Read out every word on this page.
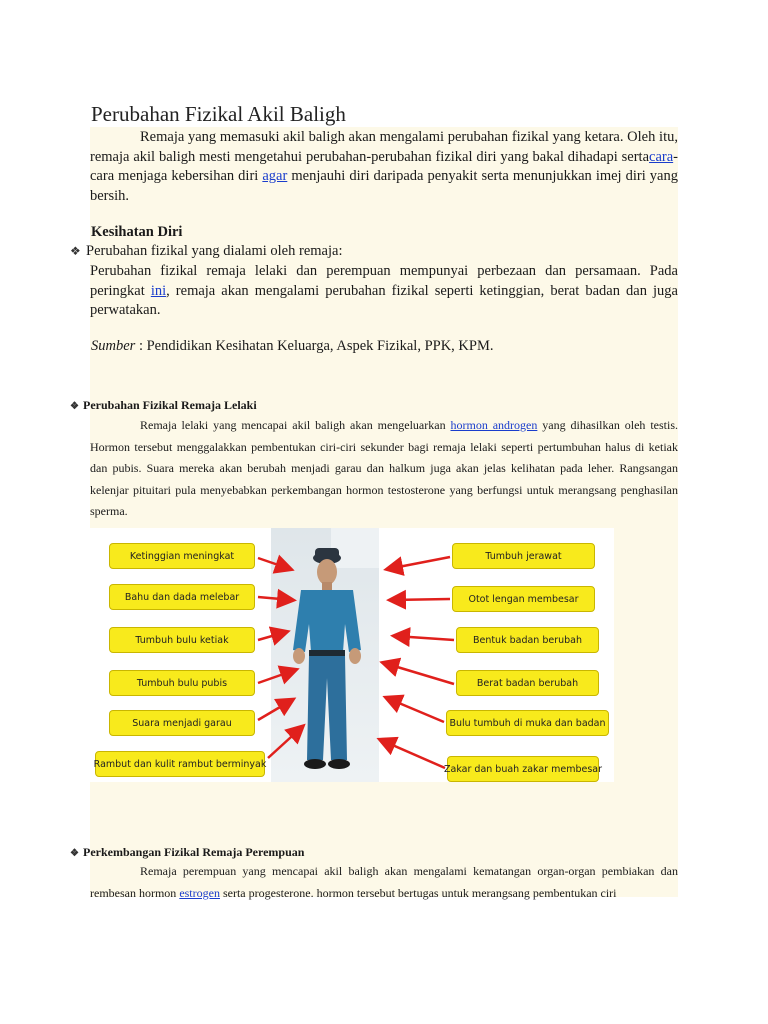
Perubahan Fizikal Akil Baligh
Remaja yang memasuki akil baligh akan mengalami perubahan fizikal yang ketara. Oleh itu, remaja akil baligh mesti mengetahui perubahan-perubahan fizikal diri yang bakal dihadapi sertacara-cara menjaga kebersihan diri agar menjauhi diri daripada penyakit serta menunjukkan imej diri yang bersih.
Kesihatan Diri
❖ Perubahan fizikal yang dialami oleh remaja:
Perubahan fizikal remaja lelaki dan perempuan mempunyai perbezaan dan persamaan. Pada peringkat ini, remaja akan mengalami perubahan fizikal seperti ketinggian, berat badan dan juga perwatakan.
Sumber : Pendidikan Kesihatan Keluarga, Aspek Fizikal, PPK, KPM.
❖ Perubahan Fizikal Remaja Lelaki
Remaja lelaki yang mencapai akil baligh akan mengeluarkan hormon androgen yang dihasilkan oleh testis. Hormon tersebut menggalakkan pembentukan ciri-ciri sekunder bagi remaja lelaki seperti pertumbuhan halus di ketiak dan pubis. Suara mereka akan berubah menjadi garau dan halkum juga akan jelas kelihatan pada leher. Rangsangan kelenjar pituitari pula menyebabkan perkembangan hormon testosterone yang berfungsi untuk merangsang penghasilan sperma.
Ketinggian meningkat
Bahu dan dada melebar
Tumbuh bulu ketiak
Tumbuh bulu pubis
Suara menjadi garau
Rambut dan kulit rambut berminyak
Tumbuh jerawat
Otot lengan membesar
Bentuk badan berubah
Berat badan berubah
Bulu tumbuh di muka dan badan
Zakar dan buah zakar membesar
❖ Perkembangan Fizikal Remaja Perempuan
Remaja perempuan yang mencapai akil baligh akan mengalami kematangan organ-organ pembiakan dan rembesan hormon estrogen serta progesterone. hormon tersebut bertugas untuk merangsang pembentukan ciri
